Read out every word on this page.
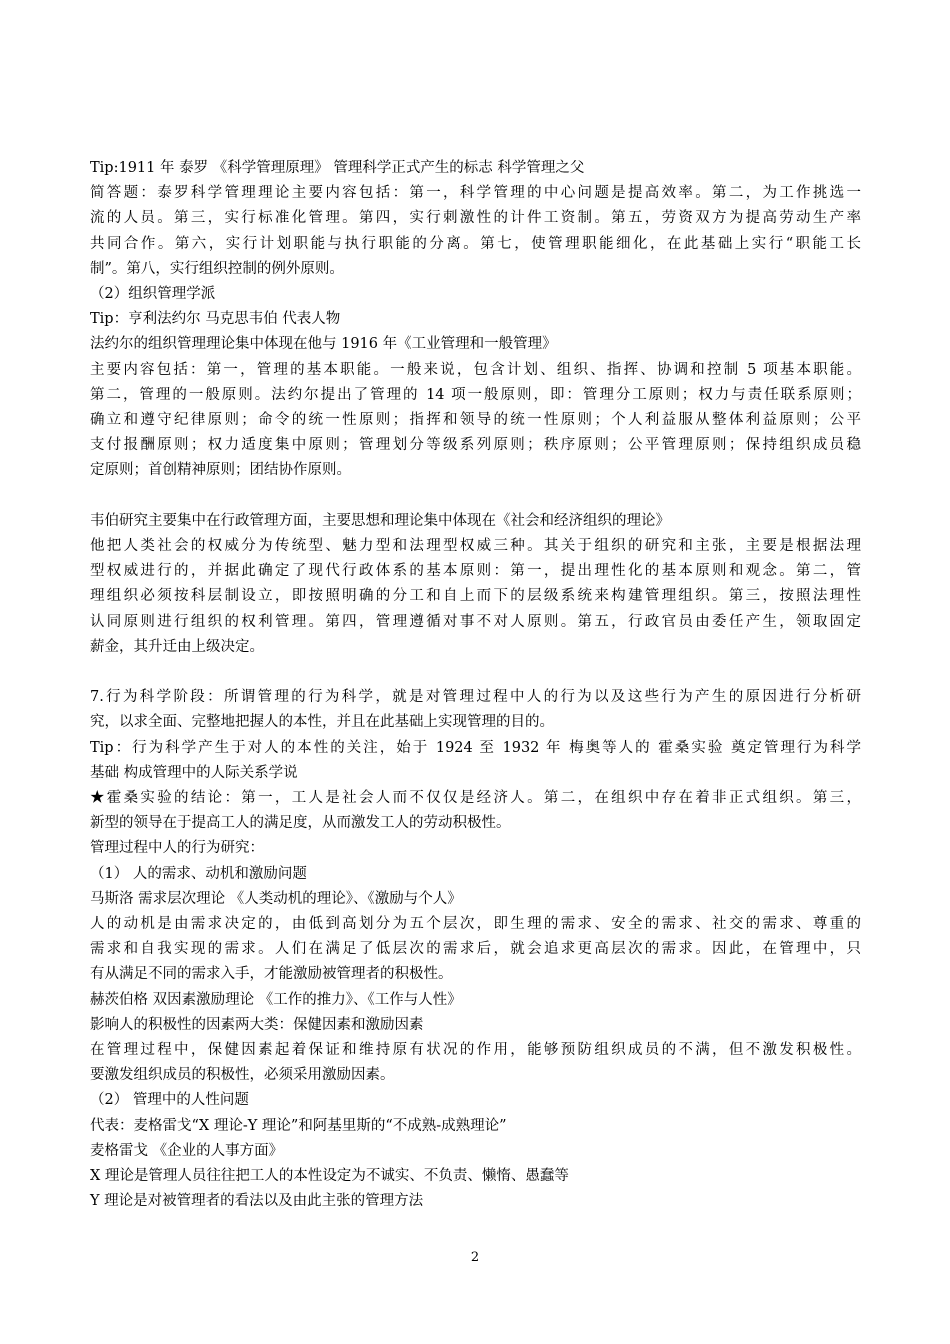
Tip:1911 年 泰罗 《科学管理原理》 管理科学正式产生的标志 科学管理之父
简答题：泰罗科学管理理论主要内容包括：第一，科学管理的中心问题是提高效率。第二，为工作挑选一
流的人员。第三，实行标准化管理。第四，实行刺激性的计件工资制。第五，劳资双方为提高劳动生产率
共同合作。第六，实行计划职能与执行职能的分离。第七，使管理职能细化，在此基础上实行“职能工长
制”。第八，实行组织控制的例外原则。
（2）组织管理学派
Tip：亨利法约尔 马克思韦伯 代表人物
法约尔的组织管理理论集中体现在他与 1916 年《工业管理和一般管理》
主要内容包括：第一，管理的基本职能。一般来说，包含计划、组织、指挥、协调和控制 5 项基本职能。
第二，管理的一般原则。法约尔提出了管理的 14 项一般原则，即：管理分工原则；权力与责任联系原则；
确立和遵守纪律原则；命令的统一性原则；指挥和领导的统一性原则；个人利益服从整体利益原则；公平
支付报酬原则；权力适度集中原则；管理划分等级系列原则；秩序原则；公平管理原则；保持组织成员稳
定原则；首创精神原则；团结协作原则。
韦伯研究主要集中在行政管理方面，主要思想和理论集中体现在《社会和经济组织的理论》
他把人类社会的权威分为传统型、魅力型和法理型权威三种。其关于组织的研究和主张，主要是根据法理
型权威进行的，并据此确定了现代行政体系的基本原则：第一，提出理性化的基本原则和观念。第二，管
理组织必须按科层制设立，即按照明确的分工和自上而下的层级系统来构建管理组织。第三，按照法理性
认同原则进行组织的权利管理。第四，管理遵循对事不对人原则。第五，行政官员由委任产生，领取固定
薪金，其升迁由上级决定。
7.行为科学阶段：所谓管理的行为科学，就是对管理过程中人的行为以及这些行为产生的原因进行分析研
究，以求全面、完整地把握人的本性，并且在此基础上实现管理的目的。
Tip：行为科学产生于对人的本性的关注，始于 1924 至 1932 年 梅奥等人的 霍桑实验 奠定管理行为科学
基础 构成管理中的人际关系学说
★霍桑实验的结论：第一，工人是社会人而不仅仅是经济人。第二，在组织中存在着非正式组织。第三，
新型的领导在于提高工人的满足度，从而激发工人的劳动积极性。
管理过程中人的行为研究：
（1） 人的需求、动机和激励问题
马斯洛 需求层次理论 《人类动机的理论》、《激励与个人》
人的动机是由需求决定的，由低到高划分为五个层次，即生理的需求、安全的需求、社交的需求、尊重的
需求和自我实现的需求。人们在满足了低层次的需求后，就会追求更高层次的需求。因此，在管理中，只
有从满足不同的需求入手，才能激励被管理者的积极性。
赫茨伯格 双因素激励理论 《工作的推力》、《工作与人性》
影响人的积极性的因素两大类：保健因素和激励因素
在管理过程中，保健因素起着保证和维持原有状况的作用，能够预防组织成员的不满，但不激发积极性。
要激发组织成员的积极性，必须采用激励因素。
（2） 管理中的人性问题
代表：麦格雷戈“X 理论-Y 理论”和阿基里斯的“不成熟-成熟理论”
麦格雷戈 《企业的人事方面》
X 理论是管理人员往往把工人的本性设定为不诚实、不负责、懒惰、愚蠢等
Y 理论是对被管理者的看法以及由此主张的管理方法
2
